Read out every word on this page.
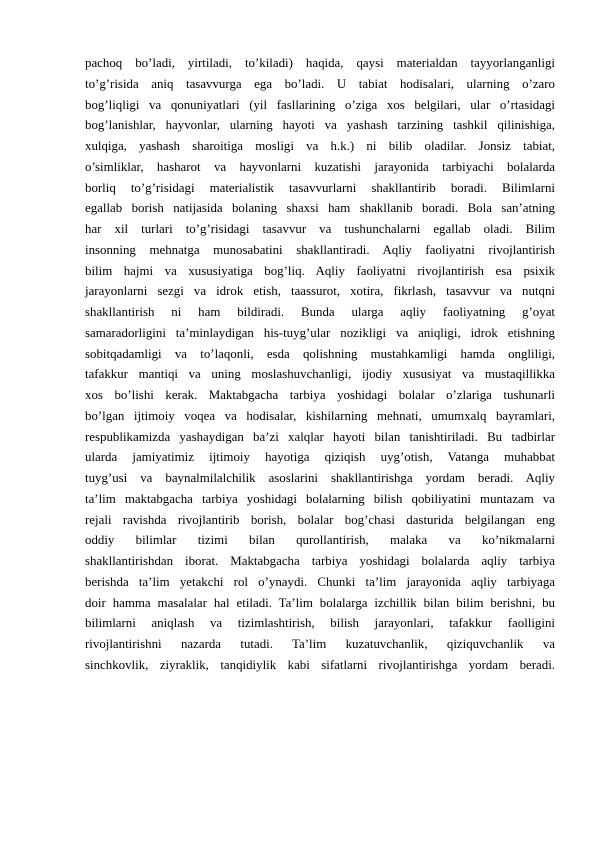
pachoq bo’ladi, yirtiladi, to’kiladi) haqida, qaysi materialdan tayyorlanganligi
to’g’risida aniq tasavvurga ega bo’ladi. U tabiat hodisalari, ularning o’zaro
bog’liqligi va qonuniyatlari (yil fasllarining o’ziga xos belgilari, ular o’rtasidagi
bog’lanishlar, hayvonlar, ularning hayoti va yashash tarzining tashkil qilinishiga,
xulqiga, yashash sharoitiga mosligi va h.k.) ni bilib oladilar. Jonsiz tabiat,
o’simliklar, hasharot va hayvonlarni kuzatishi jarayonida tarbiyachi bolalarda
borliq to’g’risidagi materialistik tasavvurlarni shakllantirib boradi. Bilimlarni
egallab borish natijasida bolaning shaxsi ham shakllanib boradi. Bola san’atning
har xil turlari to’g’risidagi tasavvur va tushunchalarni egallab oladi. Bilim
insonning mehnatga munosabatini shakllantiradi. Aqliy faoliyatni rivojlantirish
bilim hajmi va xususiyatiga bog’liq. Aqliy faoliyatni rivojlantirish esa psixik
jarayonlarni sezgi va idrok etish, taassurot, xotira, fikrlash, tasavvur va nutqni
shakllantirish ni ham bildiradi. Bunda ularga aqliy faoliyatning g’oyat
samaradorligini ta’minlaydigan his-tuyg’ular nozikligi va aniqligi, idrok etishning
sobitqadamligi va to’laqonli, esda qolishning mustahkamligi hamda ongliligi,
tafakkur mantiqi va uning moslashuvchanligi, ijodiy xususiyat va mustaqillikka
xos bo’lishi kerak. Maktabgacha tarbiya yoshidagi bolalar o’zlariga tushunarli
bo’lgan ijtimoiy voqea va hodisalar, kishilarning mehnati, umumxalq bayramlari,
respublikamizda yashaydigan ba’zi xalqlar hayoti bilan tanishtiriladi. Bu tadbirlar
ularda jamiyatimiz ijtimoiy hayotiga qiziqish uyg’otish, Vatanga muhabbat
tuyg’usi va baynalmilalchilik asoslarini shakllantirishga yordam beradi. Aqliy
ta’lim maktabgacha tarbiya yoshidagi bolalarning bilish qobiliyatini muntazam va
rejali ravishda rivojlantirib borish, bolalar bog’chasi dasturida belgilangan eng
oddiy bilimlar tizimi bilan qurollantirish, malaka va ko’nikmalarni
shakllantirishdan iborat. Maktabgacha tarbiya yoshidagi bolalarda aqliy tarbiya
berishda ta’lim yetakchi rol o’ynaydi. Chunki ta’lim jarayonida aqliy tarbiyaga
doir hamma masalalar hal etiladi. Ta’lim bolalarga izchillik bilan bilim berishni, bu
bilimlarni aniqlash va tizimlashtirish, bilish jarayonlari, tafakkur faolligini
rivojlantirishni nazarda tutadi. Ta’lim kuzatuvchanlik, qiziquvchanlik va
sinchkovlik, ziyraklik, tanqidiylik kabi sifatlarni rivojlantirishga yordam beradi.
